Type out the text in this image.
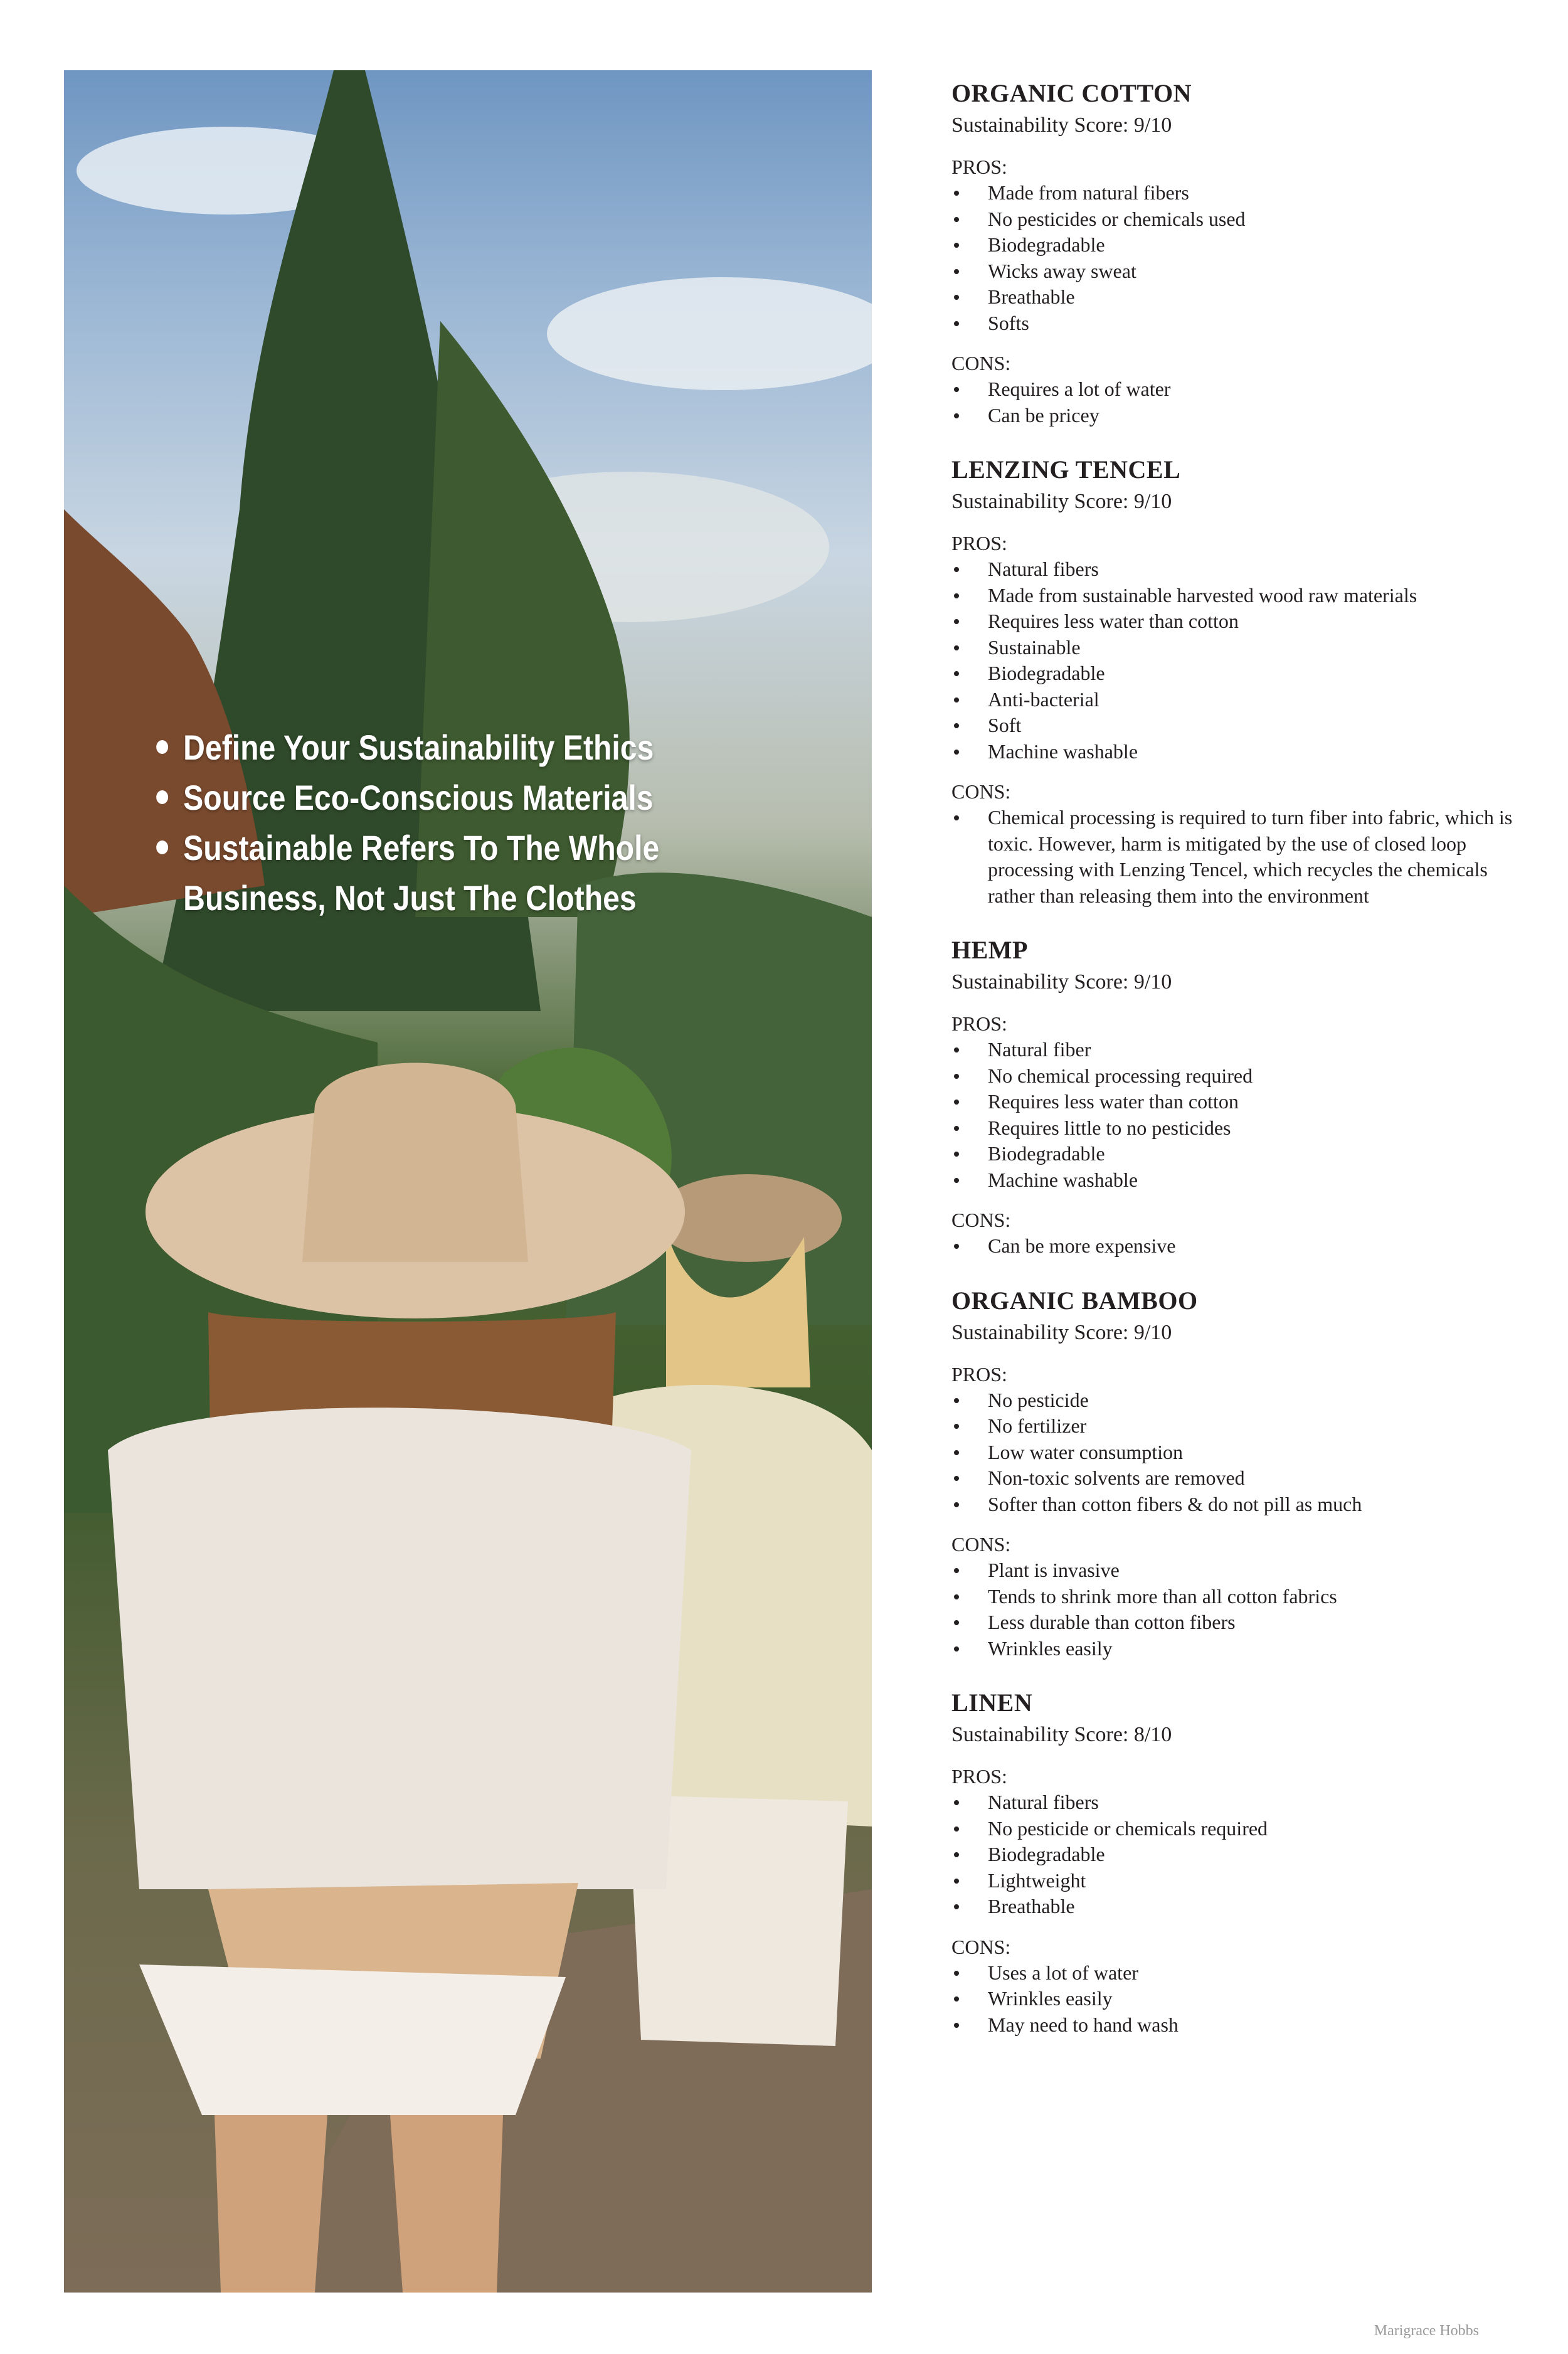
Define Your Sustainability Ethics
Source Eco-Conscious Materials
Sustainable Refers To The Whole Business, Not Just The Clothes
ORGANIC COTTON

Sustainability Score: 9/10

PROS:

Made from natural fibers
No pesticides or chemicals used
Biodegradable
Wicks away sweat
Breathable
Softs

CONS:

Requires a lot of water
Can be pricey
LENZING TENCEL

Sustainability Score: 9/10

PROS:

Natural fibers
Made from sustainable harvested wood raw materials
Requires less water than cotton
Sustainable
Biodegradable
Anti-bacterial
Soft
Machine washable

CONS:

Chemical processing is required to turn fiber into fabric, which is toxic. However, harm is mitigated by the use of closed loop processing with Lenzing Tencel, which recycles the chemicals rather than releasing them into the environment
HEMP

Sustainability Score: 9/10

PROS:

Natural fiber
No chemical processing required
Requires less water than cotton
Requires little to no pesticides
Biodegradable
Machine washable

CONS:

Can be more expensive
ORGANIC BAMBOO

Sustainability Score: 9/10

PROS:

No pesticide
No fertilizer
Low water consumption
Non-toxic solvents are removed
Softer than cotton fibers & do not pill as much

CONS:

Plant is invasive
Tends to shrink more than all cotton fabrics
Less durable than cotton fibers
Wrinkles easily
LINEN

Sustainability Score: 8/10

PROS:

Natural fibers
No pesticide or chemicals required
Biodegradable
Lightweight
Breathable

CONS:

Uses a lot of water
Wrinkles easily
May need to hand wash

Marigrace Hobbs
